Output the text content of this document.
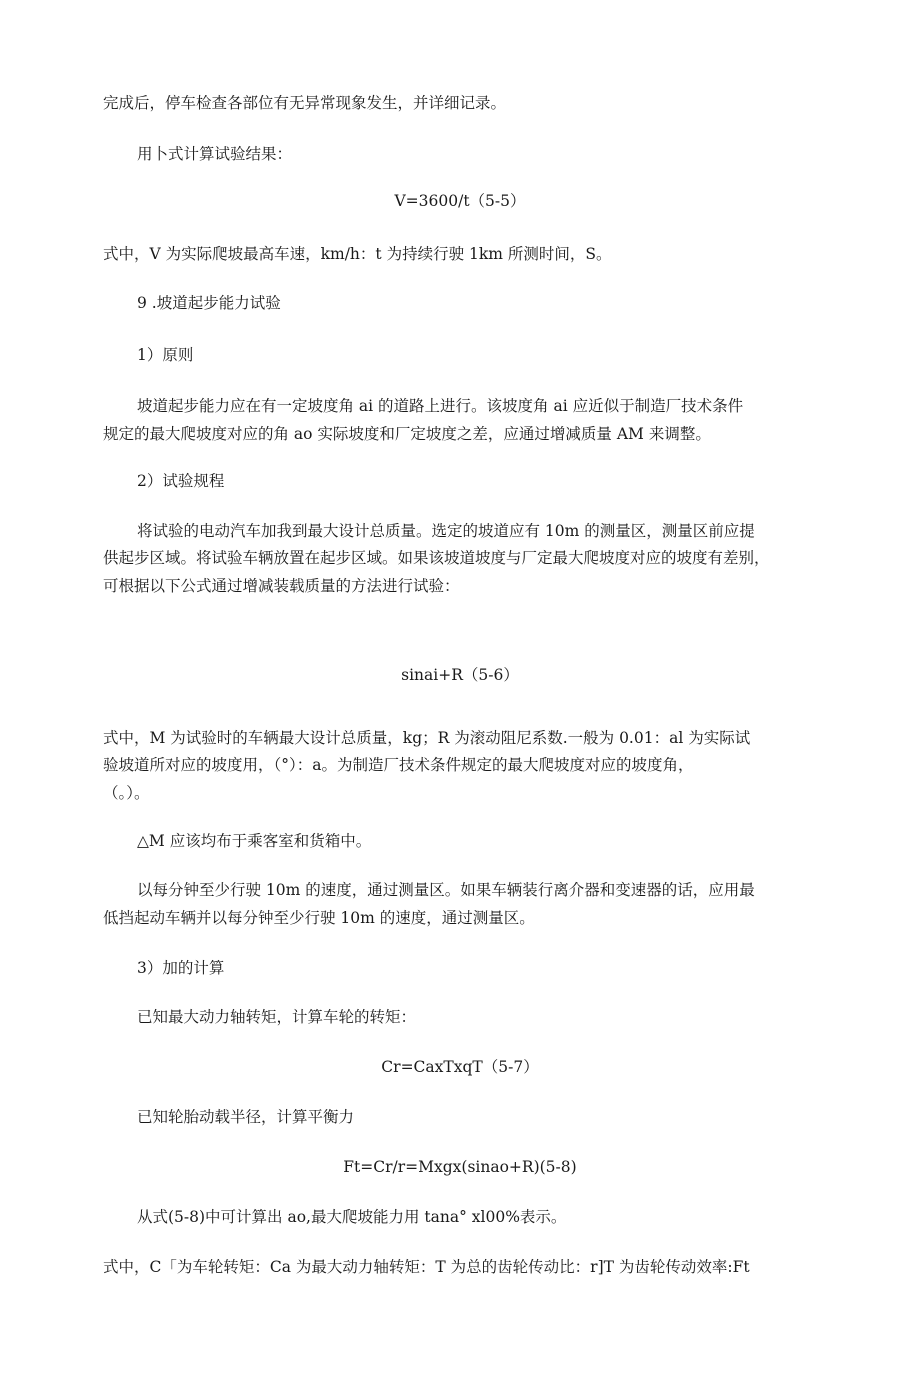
完成后，停车检查各部位有无异常现象发生，并详细记录。
用卜式计算试验结果：
V=3600/t（5-5）
式中，V 为实际爬坡最高车速，km/h：t 为持续行驶 1km 所测时间，S。
9 .坡道起步能力试验
1）原则
坡道起步能力应在有一定坡度角 ai 的道路上进行。该坡度角 ai 应近似于制造厂技术条件
规定的最大爬坡度对应的角 ao 实际坡度和厂定坡度之差，应通过增减质量 AM 来调整。
2）试验规程
将试验的电动汽车加我到最大设计总质量。选定的坡道应有 10m 的测量区，测量区前应提
供起步区域。将试验车辆放置在起步区域。如果该坡道坡度与厂定最大爬坡度对应的坡度有差别，
可根据以下公式通过增减装载质量的方法进行试验：
sinai+R（5-6）
式中，M 为试验时的车辆最大设计总质量，kg；R 为滚动阻尼系数.一般为 0.01：al 为实际试
验坡道所对应的坡度用，（°）：a。为制造厂技术条件规定的最大爬坡度对应的坡度角，
（。）。
△M 应该均布于乘客室和货箱中。
以每分钟至少行驶 10m 的速度，通过测量区。如果车辆装行离介器和变速器的话，应用最
低挡起动车辆并以每分钟至少行驶 10m 的速度，通过测量区。
3）加的计算
已知最大动力轴转矩，计算车轮的转矩：
Cr=CaxTxqT（5-7）
已知轮胎动载半径，计算平衡力
Ft=Cr/r=Mxgx(sinao+R)(5-8)
从式(5-8)中可计算出 ao,最大爬坡能力用 tana° xl00%表示。
式中，C「为车轮转矩：Ca 为最大动力轴转矩：T 为总的齿轮传动比：r]T 为齿轮传动效率:Ft
